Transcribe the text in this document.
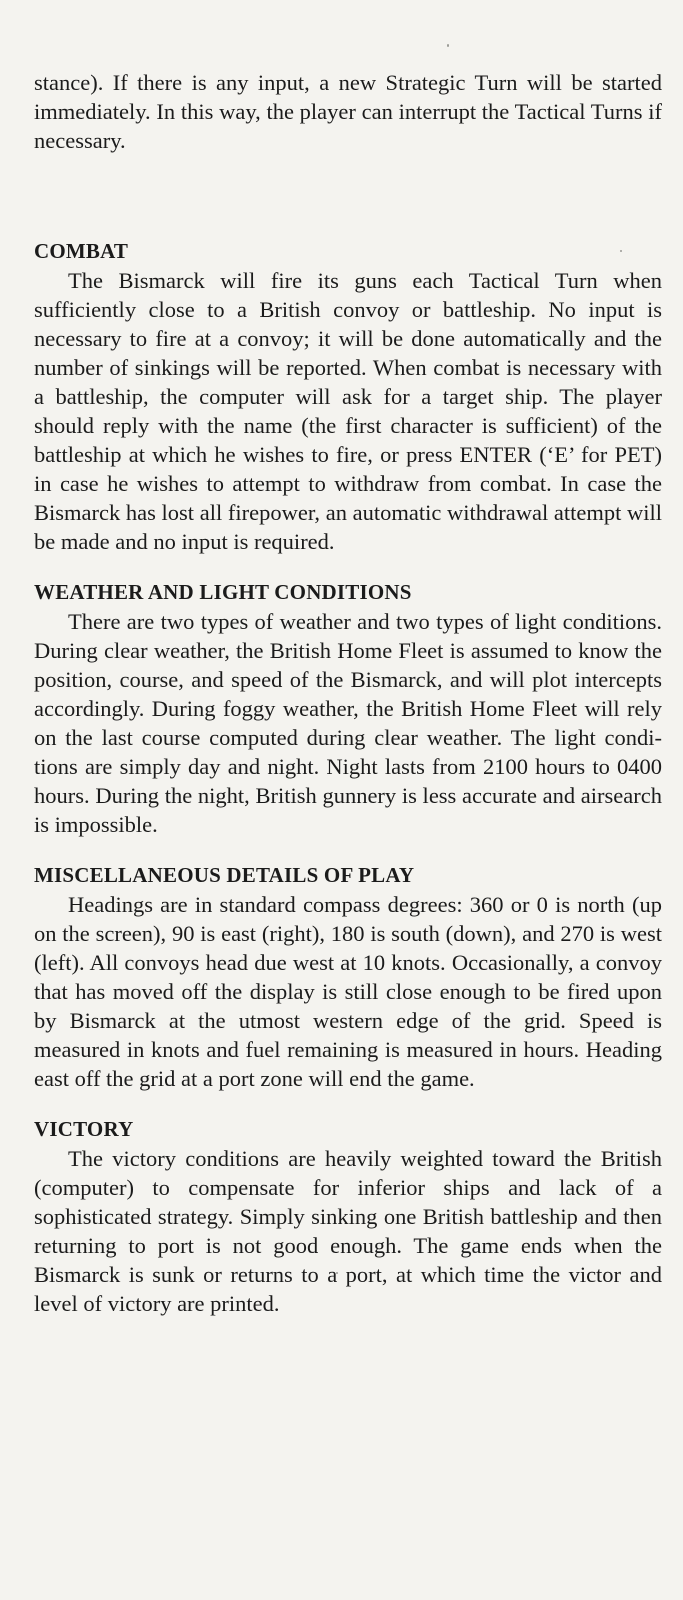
stance). If there is any input, a new Strategic Turn will be started immediately. In this way, the player can interrupt the Tactical Turns if necessary.

COMBAT

The Bismarck will fire its guns each Tactical Turn when sufficiently close to a British convoy or battleship. No input is necessary to fire at a convoy; it will be done automatically and the number of sinkings will be reported. When combat is necessary with a battleship, the computer will ask for a target ship. The player should reply with the name (the first character is sufficient) of the battleship at which he wishes to fire, or press ENTER (‘E’ for PET) in case he wishes to attempt to withdraw from combat. In case the Bismarck has lost all firepower, an automatic withdrawal attempt will be made and no input is required.

WEATHER AND LIGHT CONDITIONS

There are two types of weather and two types of light conditions. During clear weather, the British Home Fleet is assumed to know the position, course, and speed of the Bismarck, and will plot intercepts accordingly. During foggy weather, the British Home Fleet will rely on the last course computed during clear weather. The light conditions are simply day and night. Night lasts from 2100 hours to 0400 hours. During the night, British gunnery is less accurate and airsearch is impossible.

MISCELLANEOUS DETAILS OF PLAY

Headings are in standard compass degrees: 360 or 0 is north (up on the screen), 90 is east (right), 180 is south (down), and 270 is west (left). All convoys head due west at 10 knots. Occasionally, a convoy that has moved off the display is still close enough to be fired upon by Bismarck at the utmost western edge of the grid. Speed is measured in knots and fuel remaining is measured in hours. Heading east off the grid at a port zone will end the game.

VICTORY

The victory conditions are heavily weighted toward the British (computer) to compensate for inferior ships and lack of a sophisticated strategy. Simply sinking one British battleship and then returning to port is not good enough. The game ends when the Bismarck is sunk or returns to a port, at which time the victor and level of victory are printed.
